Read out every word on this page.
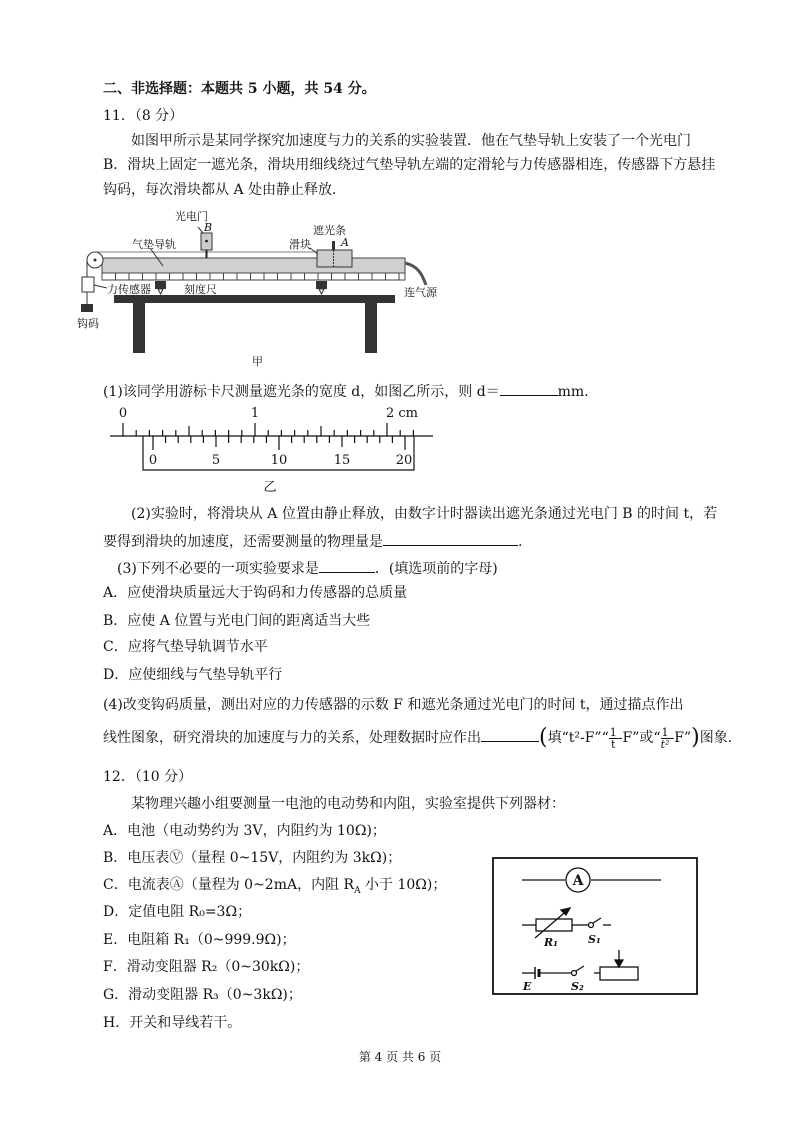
二、非选择题：本题共 5 小题，共 54 分。
11．（8 分）
如图甲所示是某同学探究加速度与力的关系的实验装置．他在气垫导轨上安装了一个光电门
B．滑块上固定一遮光条，滑块用细线绕过气垫导轨左端的定滑轮与力传感器相连，传感器下方悬挂
钩码，每次滑块都从 A 处由静止释放．
光电门
B	遮光条
A
滑块
气垫导轨
力传感器	刻度尺	连气源
钩码
甲
(1)该同学用游标卡尺测量遮光条的宽度 d，如图乙所示，则 d＝	mm．
0	1	2 cm
0	5	10	15	20
乙
(2)实验时，将滑块从 A 位置由静止释放，由数字计时器读出遮光条通过光电门 B 的时间 t，若
要得到滑块的加速度，还需要测量的物理量是	.
(3)下列不必要的一项实验要求是	．(填选项前的字母)
A．应使滑块质量远大于钩码和力传感器的总质量
B．应使 A 位置与光电门间的距离适当大些
C．应将气垫导轨调节水平
D．应使细线与气垫导轨平行
(4)改变钩码质量，测出对应的力传感器的示数 F 和遮光条通过光电门的时间 t，通过描点作出
线性图象，研究滑块的加速度与力的关系，处理数据时应作出	(填“t²-F”“ $\frac{1}{t} -F$”或“ $\frac{1}{\text{t²}}-F$”)图象.
12．（10 分）
某物理兴趣小组要测量一电池的电动势和内阻，实验室提供下列器材：
A．电池（电动势约为 3V，内阻约为 10Ω)；
B．电压表Ⓥ（量程 0~15V，内阻约为 3kΩ)；
C．电流表Ⓐ（量程为 0~2mA，内阻 $R_A$ 小于 10Ω)；
D．定值电阻 R₀=3Ω；
E．电阻箱 R₁（0~999.9Ω)；
F．滑动变阻器 R₂（0~30kΩ)；
G．滑动变阻器 R₃（0~3kΩ)；
H．开关和导线若干。
A
R₁	S₁
E	S₂
第 4 页 共 6 页
